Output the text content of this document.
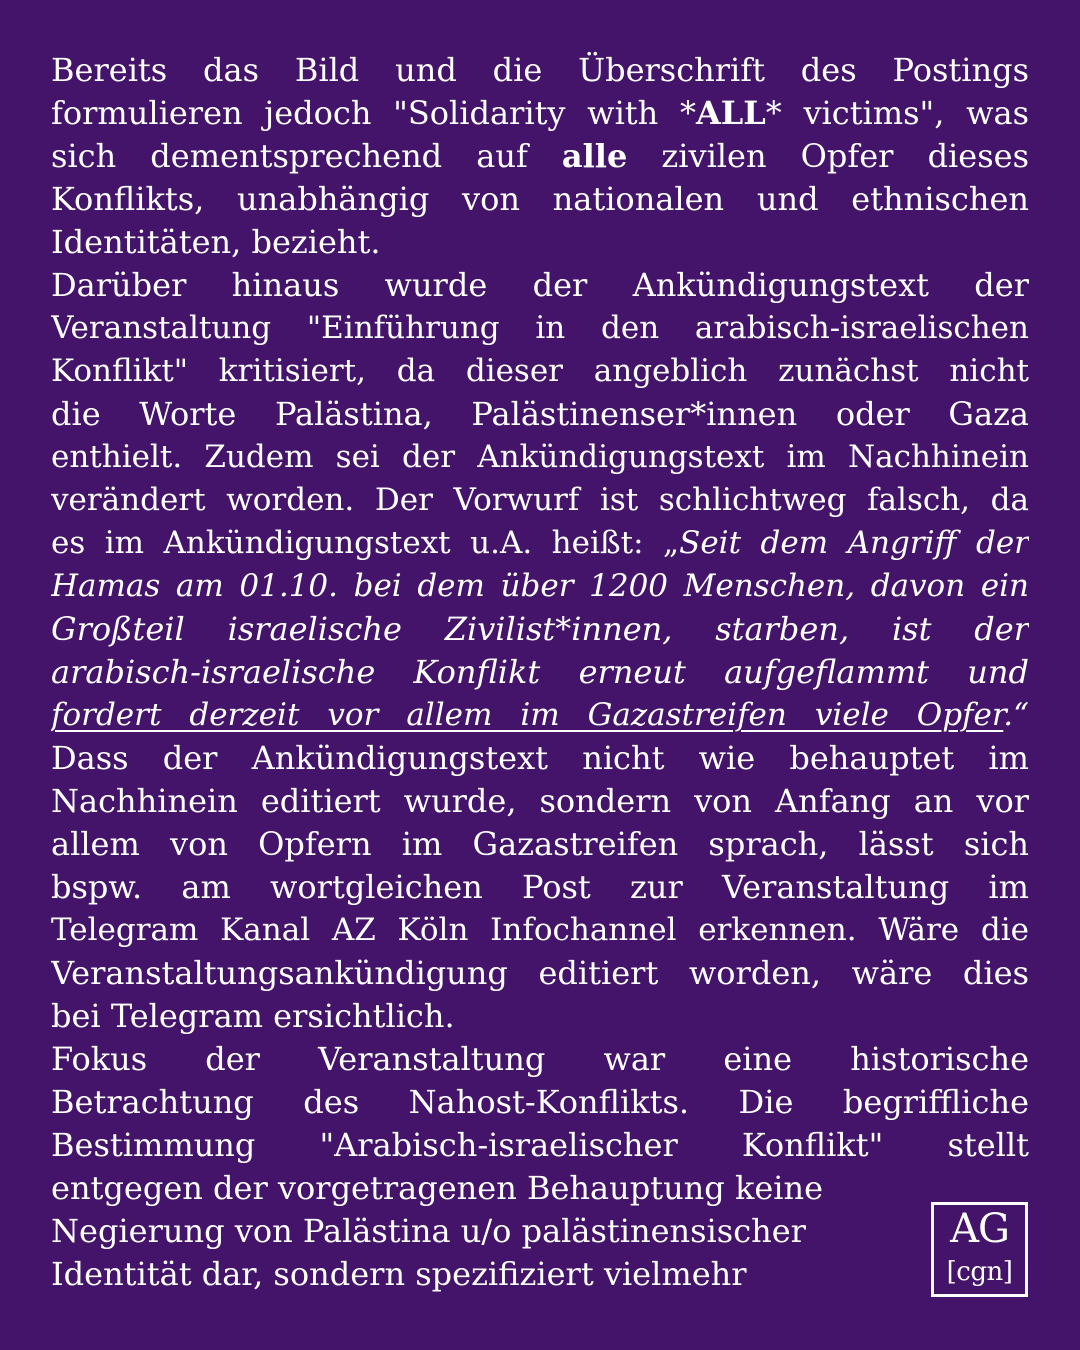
Bereits das Bild und die Überschrift des Postings
formulieren jedoch "Solidarity with *ALL* victims", was
sich dementsprechend auf alle zivilen Opfer dieses
Konflikts, unabhängig von nationalen und ethnischen
Identitäten, bezieht.
Darüber hinaus wurde der Ankündigungstext der
Veranstaltung "Einführung in den arabisch-israelischen
Konflikt" kritisiert, da dieser angeblich zunächst nicht
die Worte Palästina, Palästinenser*innen oder Gaza
enthielt. Zudem sei der Ankündigungstext im Nachhinein
verändert worden. Der Vorwurf ist schlichtweg falsch, da
es im Ankündigungstext u.A. heißt: „Seit dem Angriff der
Hamas am 01.10. bei dem über 1200 Menschen, davon ein
Großteil israelische Zivilist*innen, starben, ist der
arabisch-israelische Konflikt erneut aufgeflammt und
fordert derzeit vor allem im Gazastreifen viele Opfer.“
Dass der Ankündigungstext nicht wie behauptet im
Nachhinein editiert wurde, sondern von Anfang an vor
allem von Opfern im Gazastreifen sprach, lässt sich
bspw. am wortgleichen Post zur Veranstaltung im
Telegram Kanal AZ Köln Infochannel erkennen. Wäre die
Veranstaltungsankündigung editiert worden, wäre dies
bei Telegram ersichtlich.
Fokus der Veranstaltung war eine historische
Betrachtung des Nahost-Konflikts. Die begriffliche
Bestimmung "Arabisch-israelischer Konflikt" stellt
entgegen der vorgetragenen Behauptung keine
Negierung von Palästina u/o palästinensischer
Identität dar, sondern spezifiziert vielmehr
AG
[cgn]
